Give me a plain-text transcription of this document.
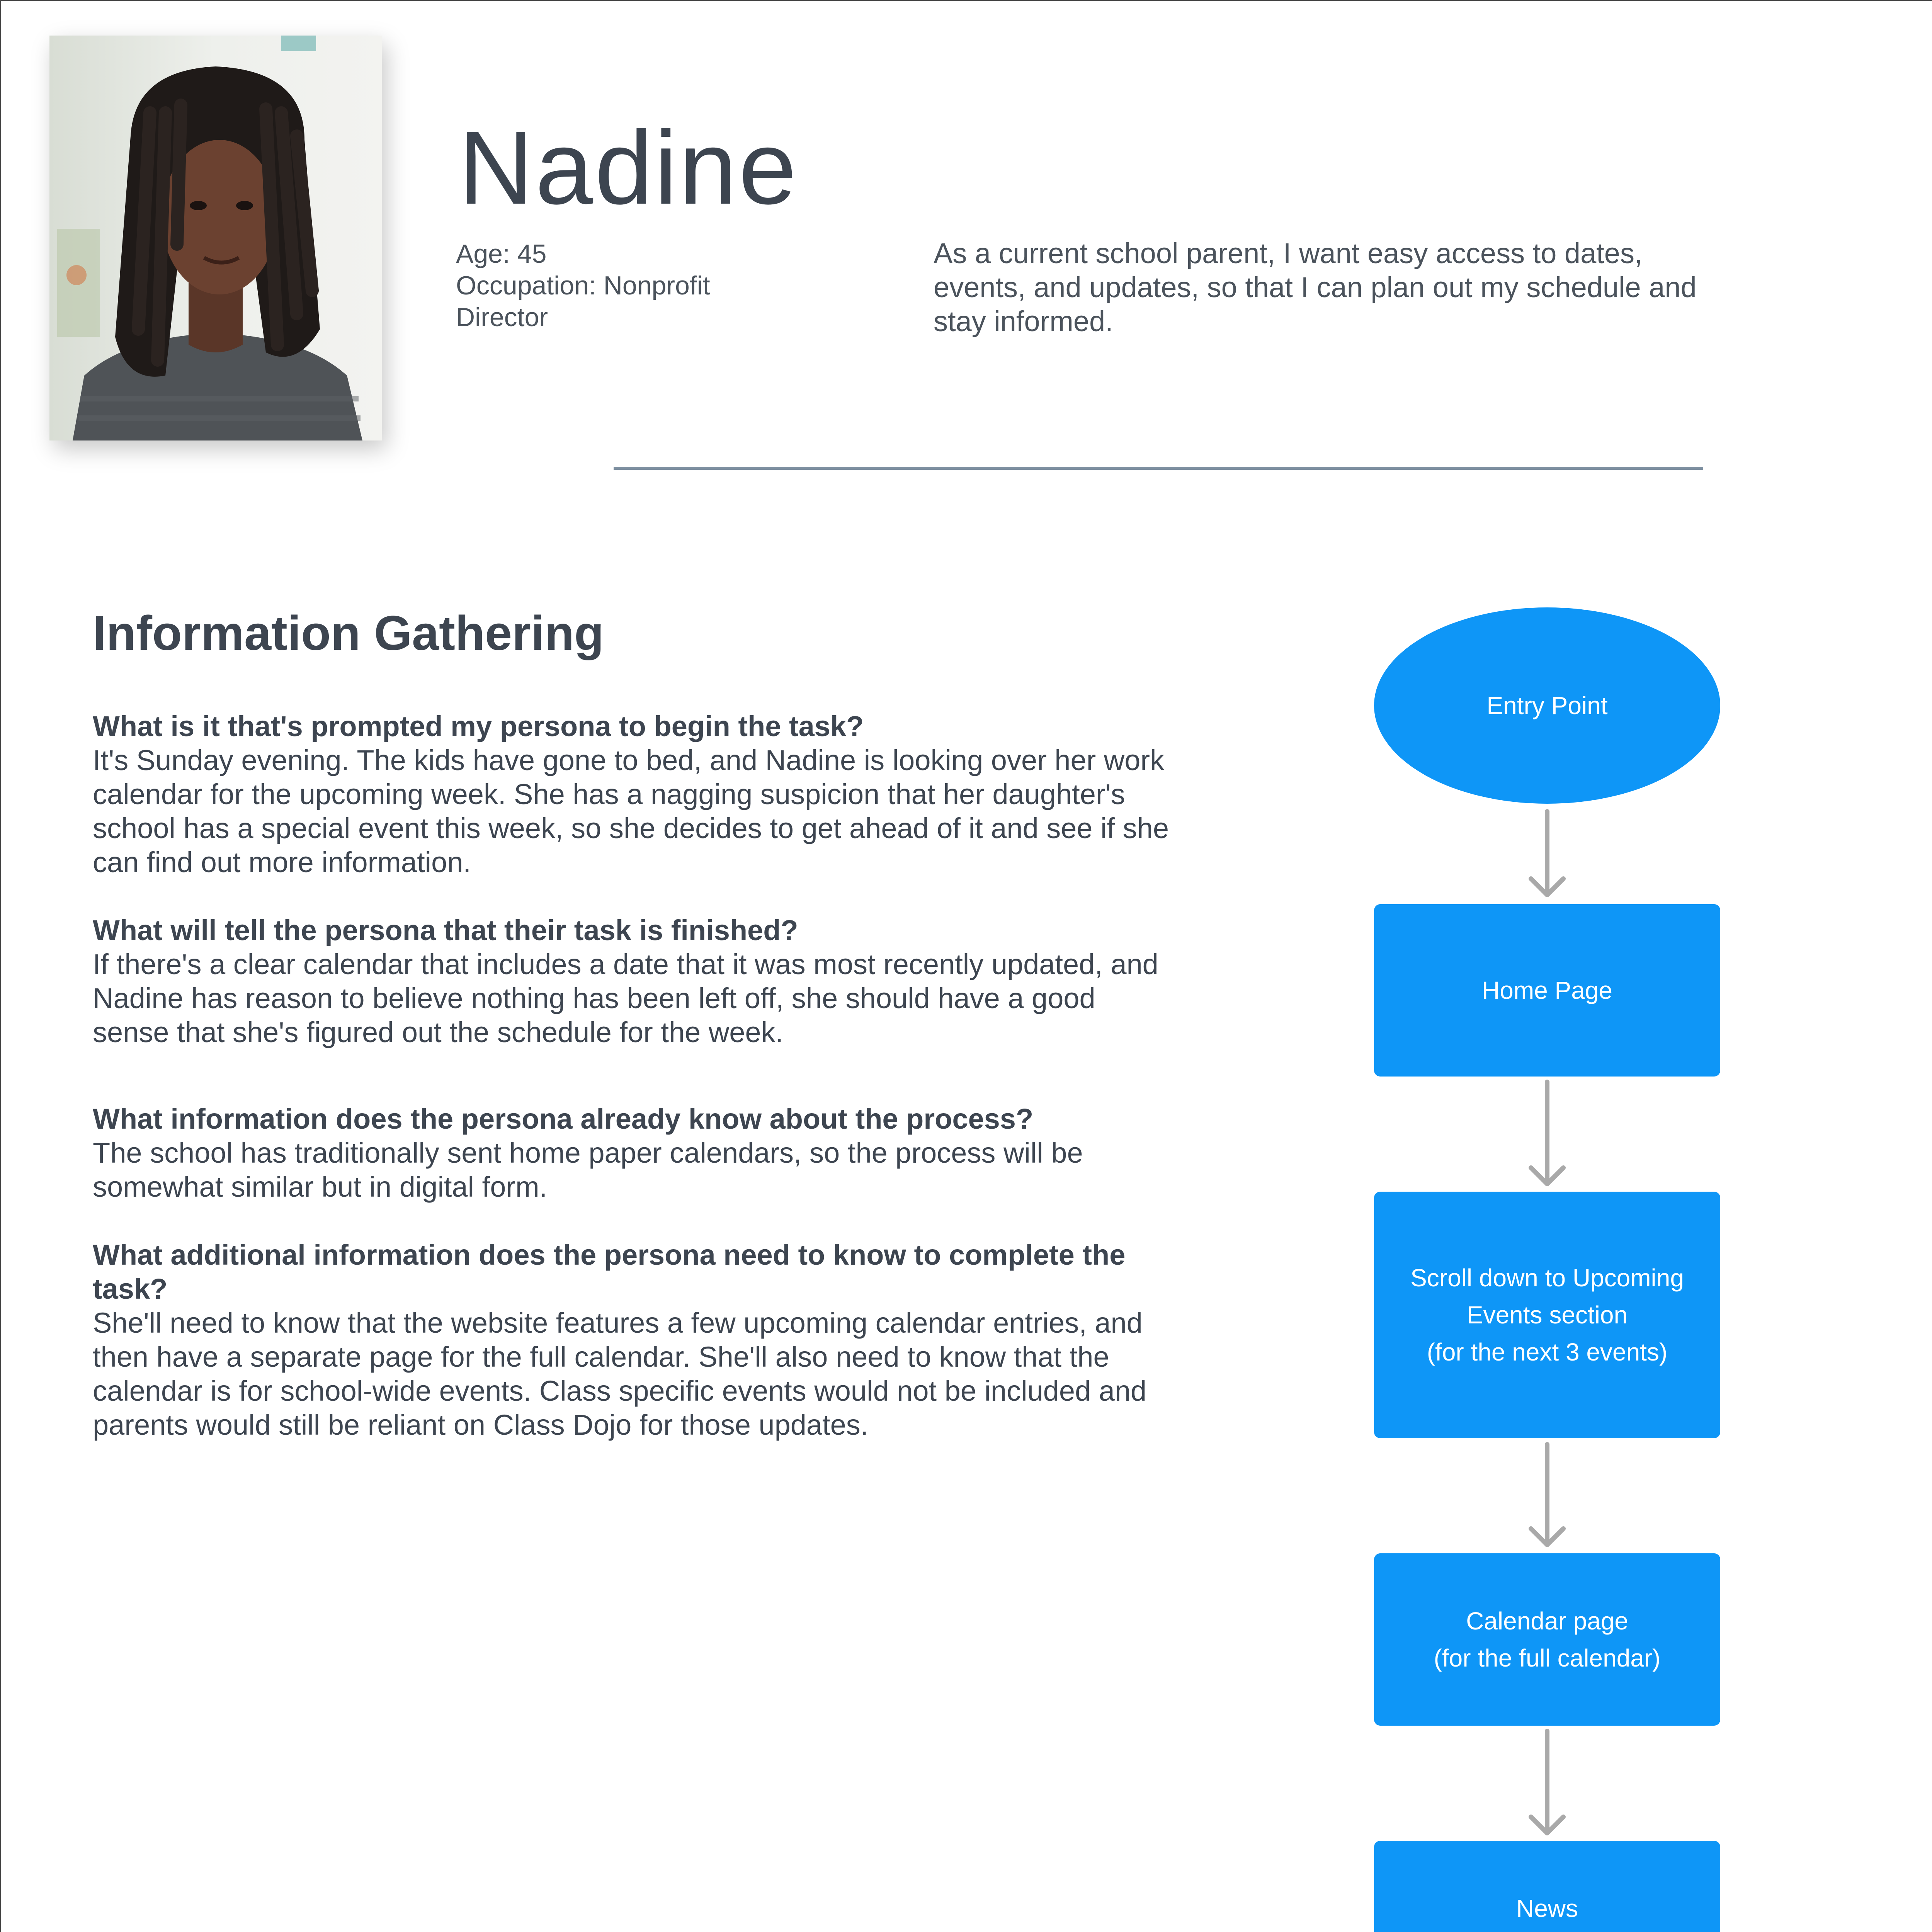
Nadine
Age: 45
Occupation: Nonprofit
Director
As a current school parent, I want easy access to dates, events, and updates, so that I can plan out my schedule and stay informed.
Information Gathering
What is it that's prompted my persona to begin the task?
It's Sunday evening. The kids have gone to bed, and Nadine is looking over her work calendar for the upcoming week. She has a nagging suspicion that her daughter's school has a special event this week, so she decides to get ahead of it and see if she can find out more information.
What will tell the persona that their task is finished?
If there's a clear calendar that includes a date that it was most recently updated, and Nadine has reason to believe nothing has been left off, she should have a good sense that she's figured out the schedule for the week.
What information does the persona already know about the process?
The school has traditionally sent home paper calendars, so the process will be somewhat similar but in digital form.
What additional information does the persona need to know to complete the task?
She'll need to know that the website features a few upcoming calendar entries, and then have a separate page for the full calendar. She'll also need to know that the calendar is for school-wide events. Class specific events would not be included and parents would still be reliant on Class Dojo for those updates.
Entry Point
Home Page
Scroll down to Upcoming
Events section
(for the next 3 events)
Calendar page
(for the full calendar)
News
